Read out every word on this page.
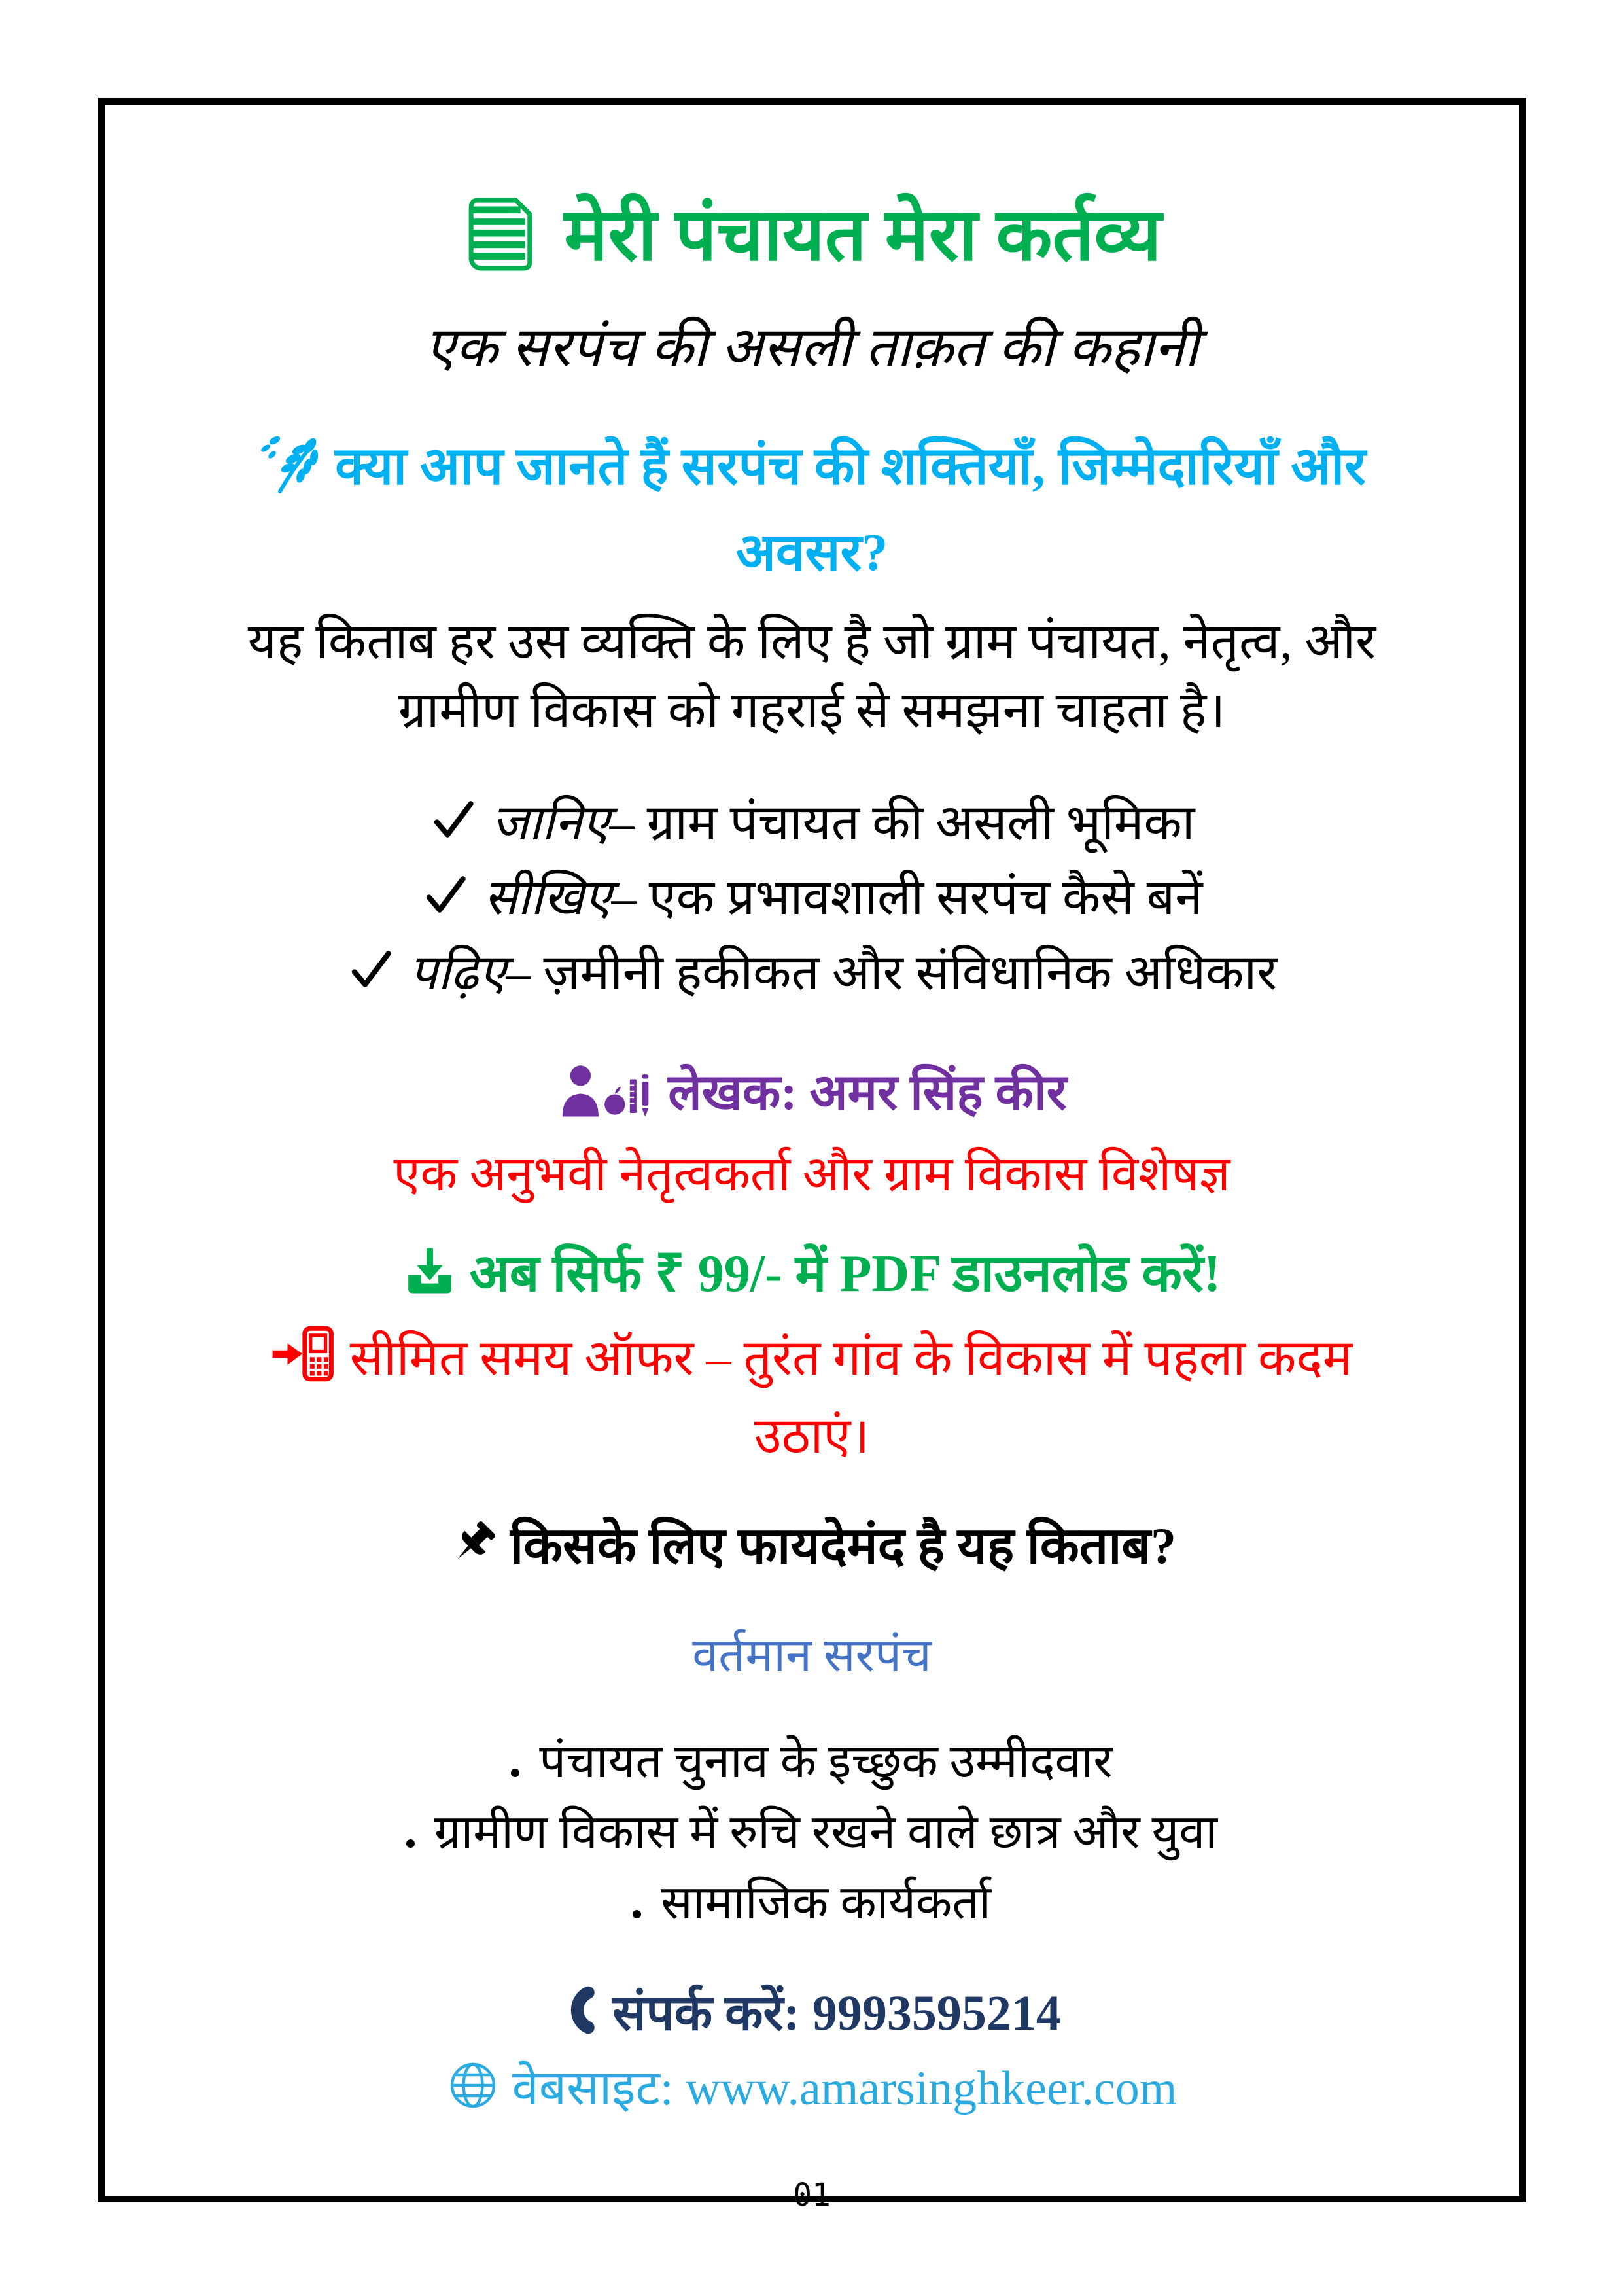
मेरी पंचायत मेरा कर्तव्य
एक सरपंच की असली ताक़त की कहानी
क्या आप जानते हैं सरपंच की शक्तियाँ, जिम्मेदारियाँ और अवसर?
यह किताब हर उस व्यक्ति के लिए है जो ग्राम पंचायत, नेतृत्व, और ग्रामीण विकास को गहराई से समझना चाहता है।
जानिए– ग्राम पंचायत की असली भूमिका
सीखिए– एक प्रभावशाली सरपंच कैसे बनें
पढ़िए– ज़मीनी हकीकत और संविधानिक अधिकार
लेखक: अमर सिंह कीर
एक अनुभवी नेतृत्वकर्ता और ग्राम विकास विशेषज्ञ
अब सिर्फ ₹ 99/- में PDF डाउनलोड करें!
सीमित समय ऑफर – तुरंत गांव के विकास में पहला कदम उठाएं।
किसके लिए फायदेमंद है यह किताब?
वर्तमान सरपंच
पंचायत चुनाव के इच्छुक उम्मीदवार
ग्रामीण विकास में रुचि रखने वाले छात्र और युवा
सामाजिक कार्यकर्ता
संपर्क करें: 9993595214
वेबसाइट: www.amarsinghkeer.com
01
